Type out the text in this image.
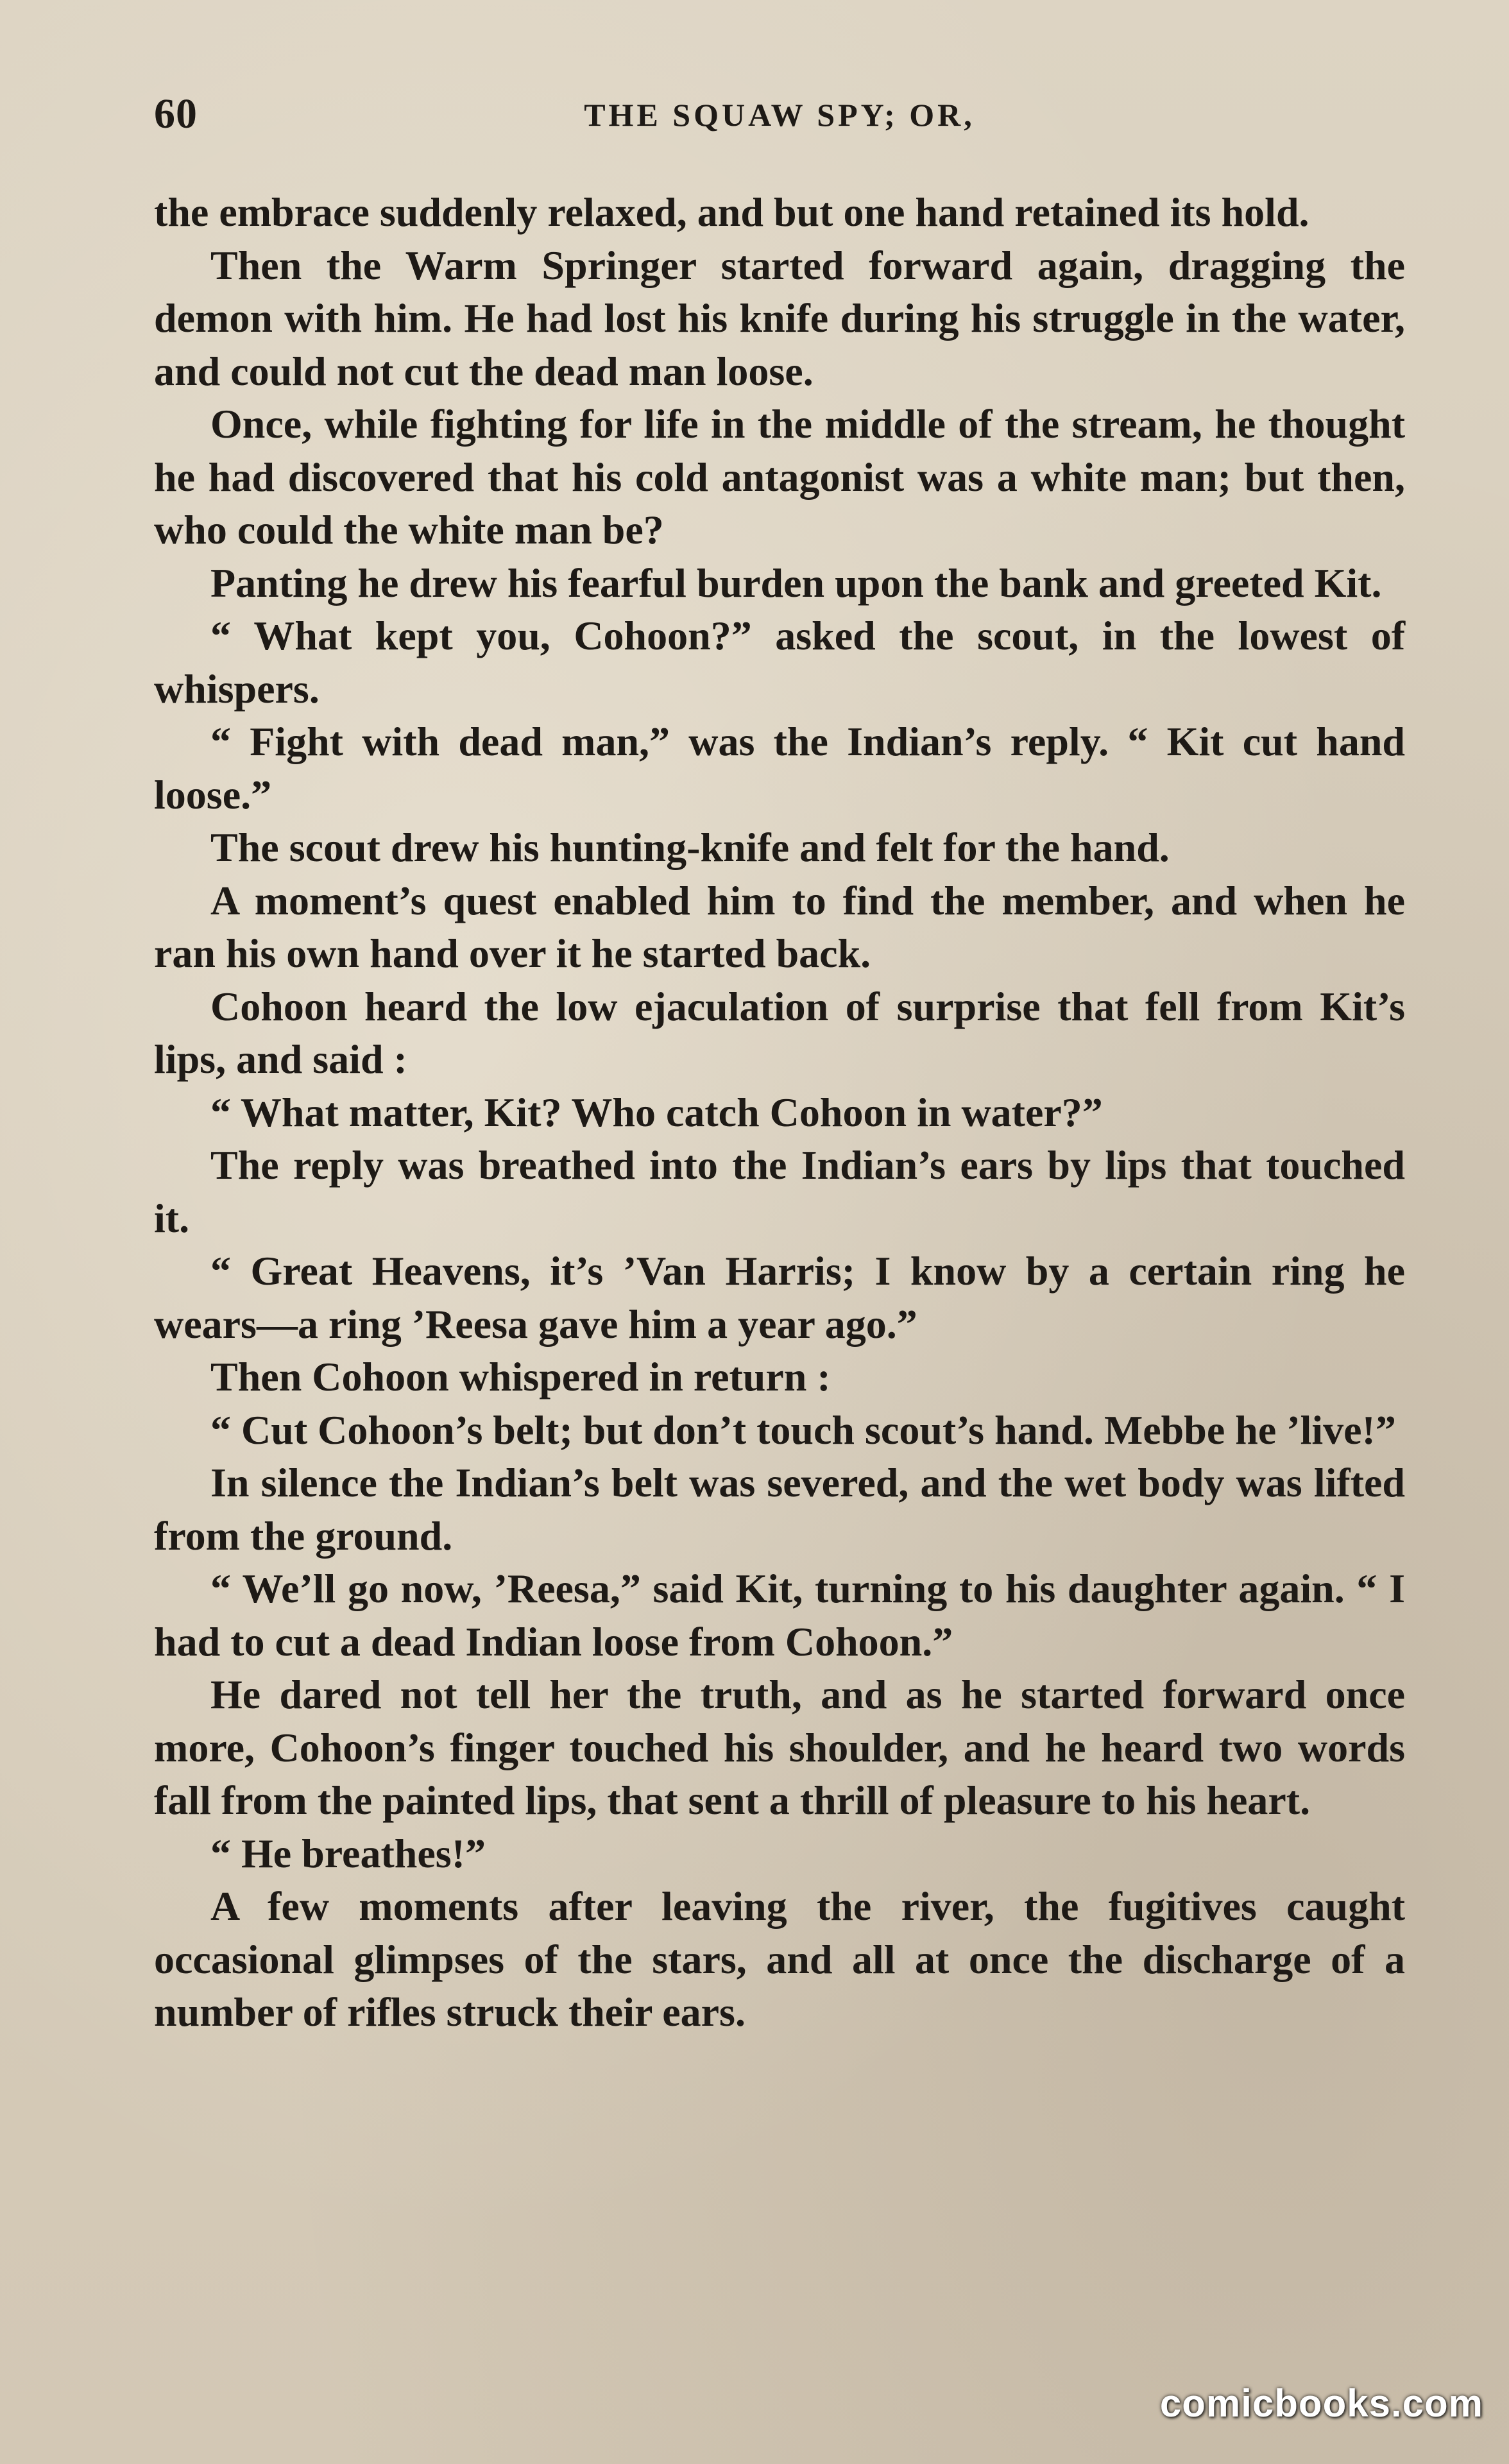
60	THE SQUAW SPY; OR,

the embrace suddenly relaxed, and but one hand retained its hold.

Then the Warm Springer started forward again, dragging the demon with him. He had lost his knife during his struggle in the water, and could not cut the dead man loose.

Once, while fighting for life in the middle of the stream, he thought he had discovered that his cold antagonist was a white man; but then, who could the white man be?

Panting he drew his fearful burden upon the bank and greeted Kit.

“ What kept you, Cohoon?” asked the scout, in the lowest of whispers.

“ Fight with dead man,” was the Indian’s reply. “ Kit cut hand loose.”

The scout drew his hunting-knife and felt for the hand.

A moment’s quest enabled him to find the member, and when he ran his own hand over it he started back.

Cohoon heard the low ejaculation of surprise that fell from Kit’s lips, and said :

“ What matter, Kit? Who catch Cohoon in water?”

The reply was breathed into the Indian’s ears by lips that touched it.

“ Great Heavens, it’s ’Van Harris; I know by a certain ring he wears—a ring ’Reesa gave him a year ago.”

Then Cohoon whispered in return :

“ Cut Cohoon’s belt; but don’t touch scout’s hand. Mebbe he ’live!”

In silence the Indian’s belt was severed, and the wet body was lifted from the ground.

“ We’ll go now, ’Reesa,” said Kit, turning to his daughter again. “ I had to cut a dead Indian loose from Cohoon.”

He dared not tell her the truth, and as he started forward once more, Cohoon’s finger touched his shoulder, and he heard two words fall from the painted lips, that sent a thrill of pleasure to his heart.

“ He breathes!”

A few moments after leaving the river, the fugitives caught occasional glimpses of the stars, and all at once the discharge of a number of rifles struck their ears.

comicbooks.com
